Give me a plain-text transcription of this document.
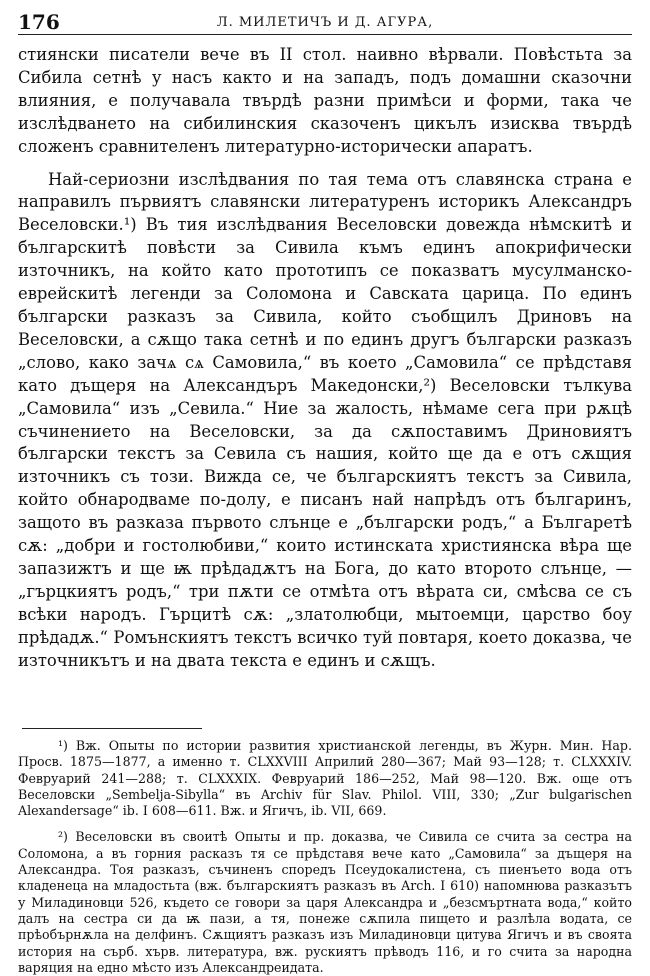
176	Л. МИЛЕТИЧЪ И Д. АГУРА,

стиянски писатели вече въ II стол. наивно вѣрвали. Повѣстьта за Сибила сетнѣ у насъ както и на западъ, подъ домашни сказочни влияния, е получавала твърдѣ разни примѣси и форми, така че изслѣдването на сибилинския сказоченъ цикълъ изисква твърдѣ сложенъ сравнителенъ литературно-исторически апаратъ.

Най-сериозни изслѣдвания по тая тема отъ славянска страна е направилъ първиятъ славянски литературенъ историкъ Александръ Веселовски.¹) Въ тия изслѣдвания Веселовски довежда нѣмскитѣ и българскитѣ повѣсти за Сивила къмъ единъ апокрифически източникъ, на който като прототипъ се показватъ мусулманско-еврейскитѣ легенди за Соломона и Савската царица. По единъ български разказъ за Сивила, който съобщилъ Дриновъ на Веселовски, а сѫщо така сетнѣ и по единъ другъ български разказъ „слово, како зачѧ сѧ Самовила,“ въ което „Самовила“ се прѣдставя като дъщеря на Александъръ Македонски,²) Веселовски тълкува „Самовила“ изъ „Севила.“ Ние за жалость, нѣмаме сега при рѫцѣ съчинението на Веселовски, за да сѫпоставимъ Дриновиятъ български текстъ за Севила съ нашия, който ще да е отъ сѫщия източникъ съ този. Вижда се, че българскиятъ текстъ за Сивила, който обнародваме по-долу, е писанъ най напрѣдъ отъ българинъ, защото въ разказа първото слънце е „български родъ,“ а Българетѣ сѫ: „добри и гостолюбиви,“ които истинската християнска вѣра ще запазижтъ и ще ѭ прѣдадѫтъ на Бога, до като второто слънце, — „гърцкиятъ родъ,“ три пѫти се отмѣта отъ вѣрата си, смѣсва се съ всѣки народъ. Гърцитѣ сѫ: „златолюбци, мытоемци, царство боу прѣдадѫ.“ Ромънскиятъ текстъ всичко туй повтаря, което доказва, че източникътъ и на двата текста е единъ и сѫщъ.

¹) Вж. Опыты по истории развития христианской легенды, въ Журн. Мин. Нар. Просв. 1875—1877, а именно т. CLXXVIII Априлий 280—367; Май 93—128; т. CLXXXIV. Февруарий 241—288; т. CLXXXIX. Февруарий 186—252, Май 98—120. Вж. още отъ Веселовски „Sembelja-Sibylla“ въ Archiv für Slav. Philol. VIII, 330; „Zur bulgarischen Alexandersage“ ib. I 608—611. Вж. и Ягичъ, ib. VII, 669.

²) Веселовски въ своитѣ Опыты и пр. доказва, че Сивила се счита за сестра на Соломона, а въ горния расказъ тя се прѣдставя вече като „Самовила“ за дъщеря на Александра. Тоя разказъ, съчиненъ споредъ Псеудокалистена, съ пиенъето вода отъ кладенеца на младостьта (вж. българскиятъ разказъ въ Arch. I 610) напомнюва разказътъ у Миладиновци 526, където се говори за царя Александра и „безсмъртната вода,“ който далъ на сестра си да ѭ пази, а тя, понеже сѫпила пището и разлѣла водата, се прѣобърнѫла на делфинъ. Сѫщиятъ разказъ изъ Миладиновци цитува Ягичъ и въ своята история на сърб. хърв. литература, вж. рускиятъ прѣводъ 116, и го счита за народна варяция на едно мѣсто изъ Александреидата.
